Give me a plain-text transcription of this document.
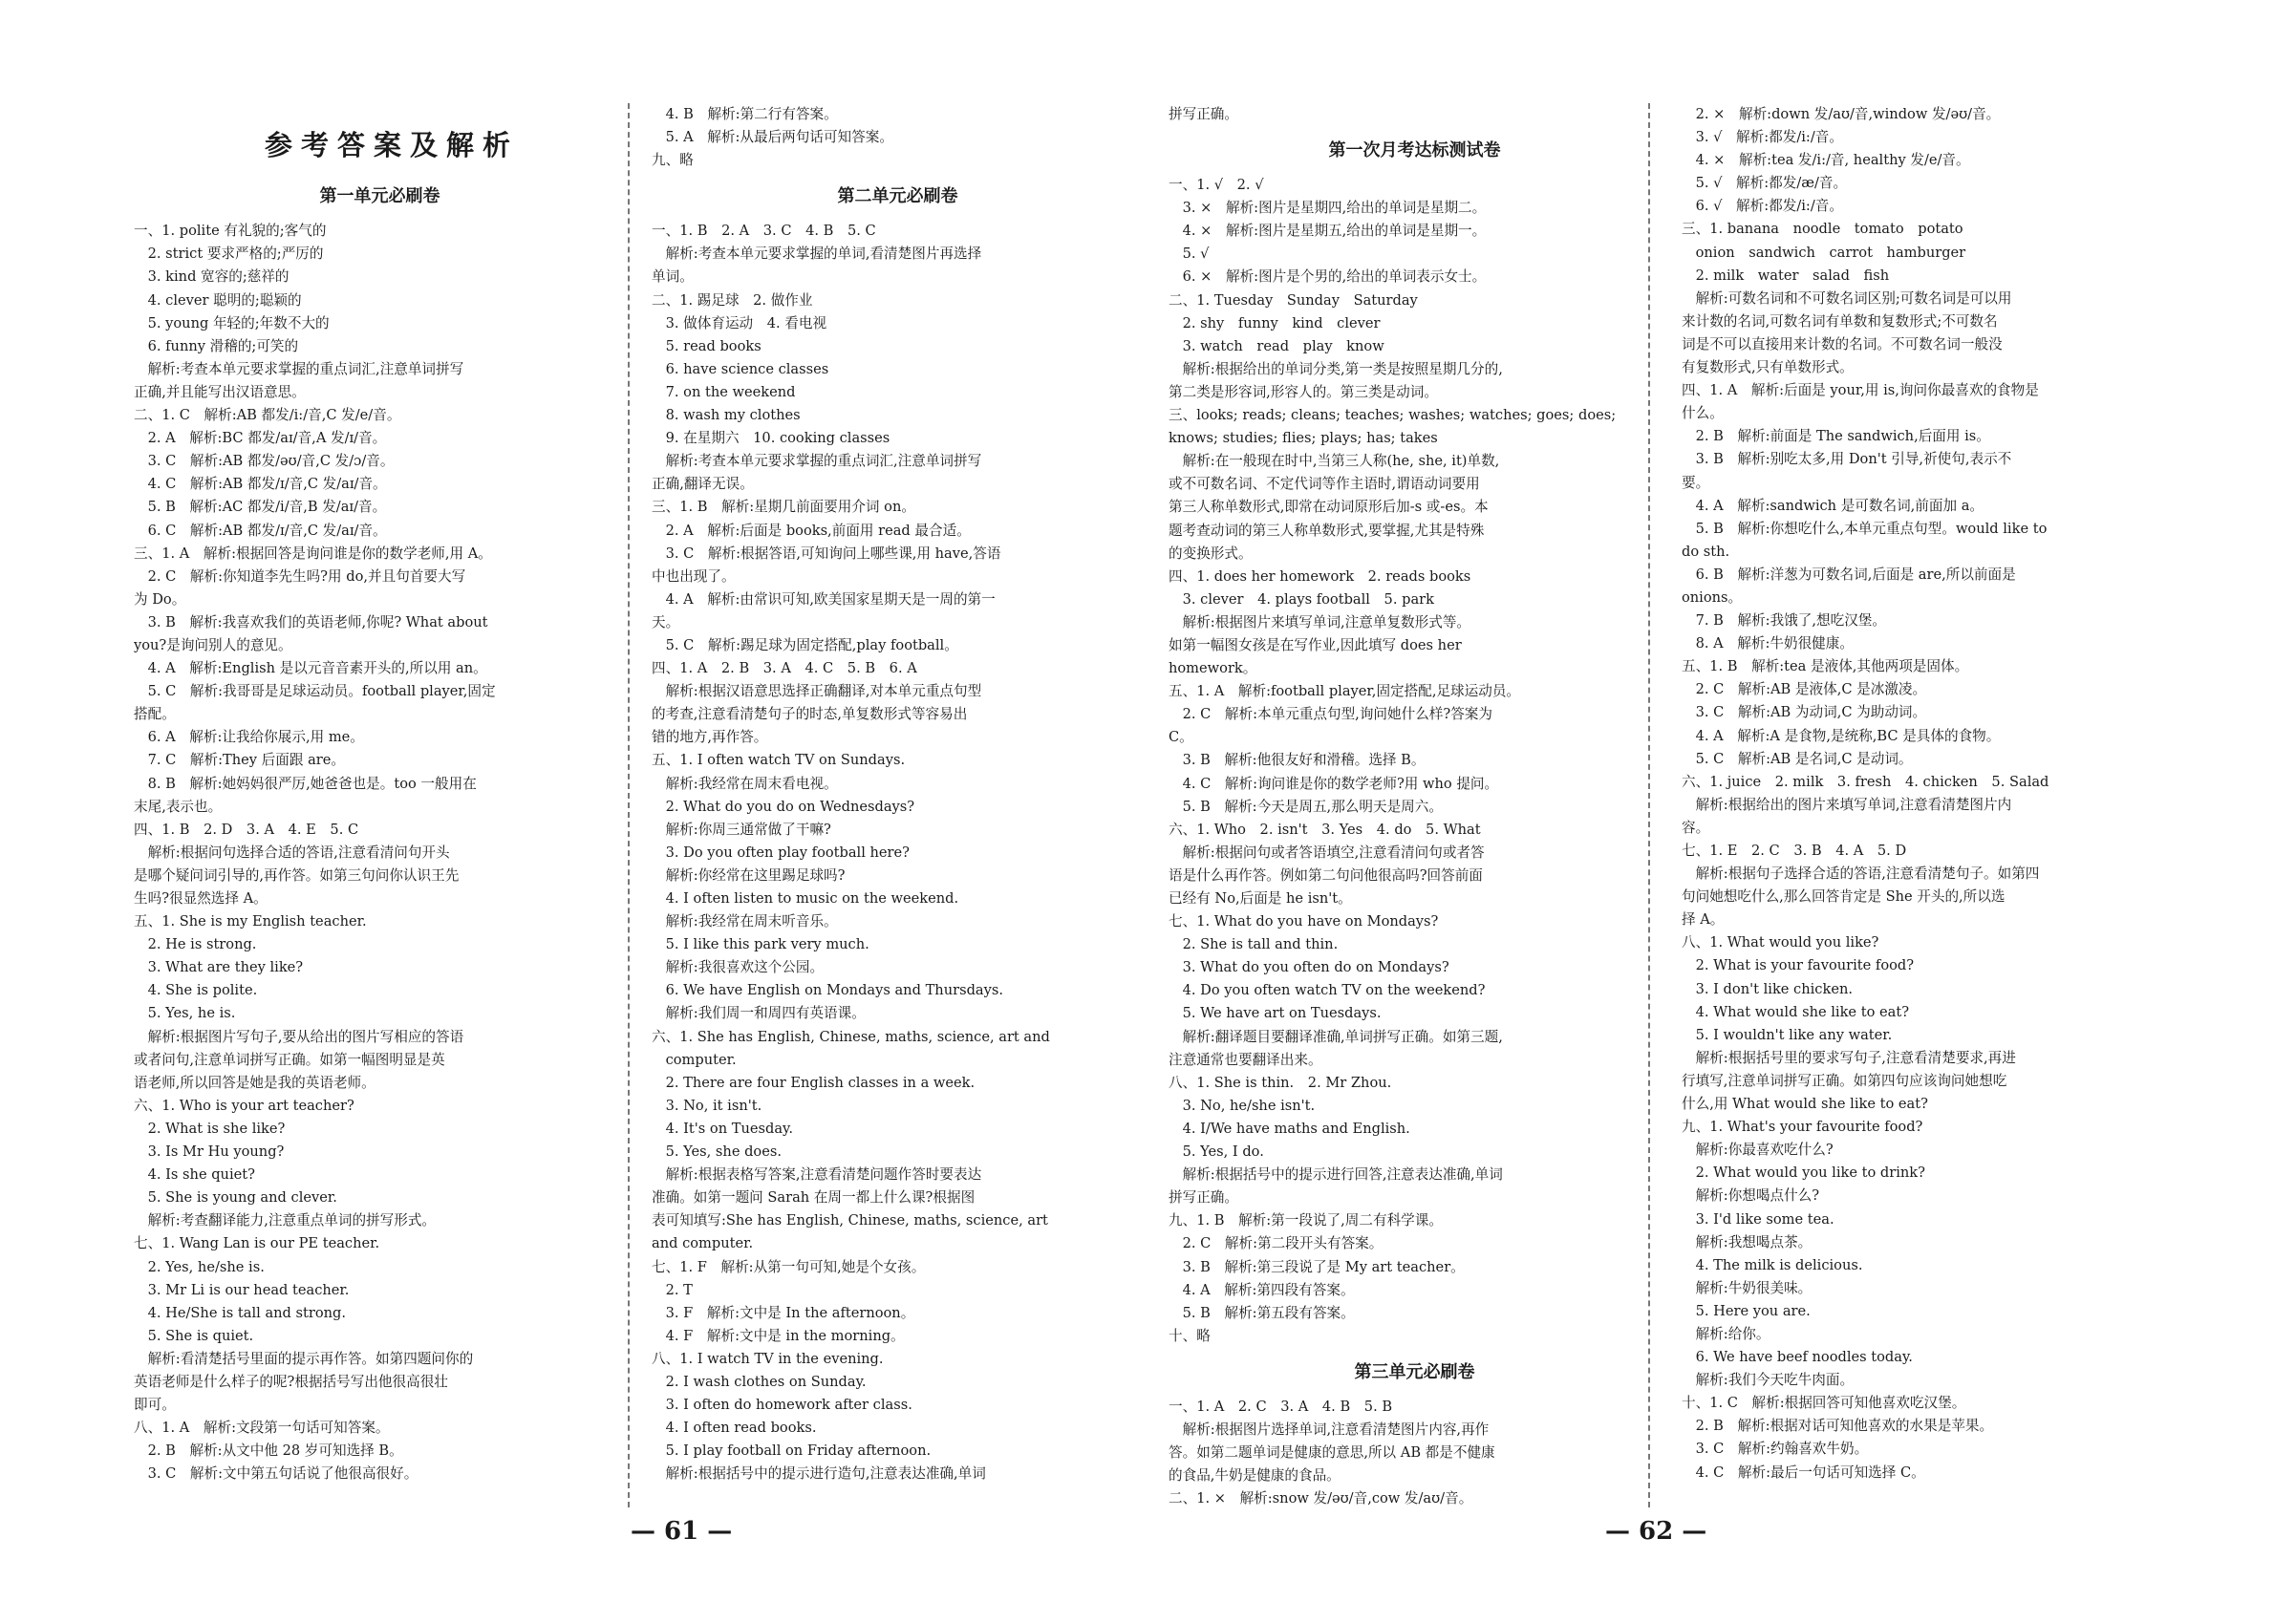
参考答案及解析

第一单元必刷卷
一、1. polite 有礼貌的;客气的
　2. strict 要求严格的;严厉的
　3. kind 宽容的;慈祥的
　4. clever 聪明的;聪颖的
　5. young 年轻的;年数不大的
　6. funny 滑稽的;可笑的
　解析:考查本单元要求掌握的重点词汇,注意单词拼写
正确,并且能写出汉语意思。
二、1. C　解析:AB 都发/i:/音,C 发/e/音。
　2. A　解析:BC 都发/aɪ/音,A 发/ɪ/音。
　3. C　解析:AB 都发/əʊ/音,C 发/ɔ/音。
　4. C　解析:AB 都发/ɪ/音,C 发/aɪ/音。
　5. B　解析:AC 都发/i/音,B 发/aɪ/音。
　6. C　解析:AB 都发/ɪ/音,C 发/aɪ/音。
三、1. A　解析:根据回答是询问谁是你的数学老师,用 A。
　2. C　解析:你知道李先生吗?用 do,并且句首要大写
为 Do。
　3. B　解析:我喜欢我们的英语老师,你呢? What about
you?是询问别人的意见。
　4. A　解析:English 是以元音音素开头的,所以用 an。
　5. C　解析:我哥哥是足球运动员。football player,固定
搭配。
　6. A　解析:让我给你展示,用 me。
　7. C　解析:They 后面跟 are。
　8. B　解析:她妈妈很严厉,她爸爸也是。too 一般用在
末尾,表示也。
四、1. B　2. D　3. A　4. E　5. C
　解析:根据问句选择合适的答语,注意看清问句开头
是哪个疑问词引导的,再作答。如第三句问你认识王先
生吗?很显然选择 A。
五、1. She is my English teacher.
　2. He is strong.
　3. What are they like?
　4. She is polite.
　5. Yes, he is.
　解析:根据图片写句子,要从给出的图片写相应的答语
或者问句,注意单词拼写正确。如第一幅图明显是英
语老师,所以回答是她是我的英语老师。
六、1. Who is your art teacher?
　2. What is she like?
　3. Is Mr Hu young?
　4. Is she quiet?
　5. She is young and clever.
　解析:考查翻译能力,注意重点单词的拼写形式。
七、1. Wang Lan is our PE teacher.
　2. Yes, he/she is.
　3. Mr Li is our head teacher.
　4. He/She is tall and strong.
　5. She is quiet.
　解析:看清楚括号里面的提示再作答。如第四题问你的
英语老师是什么样子的呢?根据括号写出他很高很壮
即可。
八、1. A　解析:文段第一句话可知答案。
　2. B　解析:从文中他 28 岁可知选择 B。
　3. C　解析:文中第五句话说了他很高很好。
　4. B　解析:第二行有答案。
　5. A　解析:从最后两句话可知答案。
九、略
第二单元必刷卷
一、1. B　2. A　3. C　4. B　5. C
　解析:考查本单元要求掌握的单词,看清楚图片再选择
单词。
二、1. 踢足球　2. 做作业
　3. 做体育运动　4. 看电视
　5. read books
　6. have science classes
　7. on the weekend
　8. wash my clothes
　9. 在星期六　10. cooking classes
　解析:考查本单元要求掌握的重点词汇,注意单词拼写
正确,翻译无误。
三、1. B　解析:星期几前面要用介词 on。
　2. A　解析:后面是 books,前面用 read 最合适。
　3. C　解析:根据答语,可知询问上哪些课,用 have,答语
中也出现了。
　4. A　解析:由常识可知,欧美国家星期天是一周的第一
天。
　5. C　解析:踢足球为固定搭配,play football。
四、1. A　2. B　3. A　4. C　5. B　6. A
　解析:根据汉语意思选择正确翻译,对本单元重点句型
的考查,注意看清楚句子的时态,单复数形式等容易出
错的地方,再作答。
五、1. I often watch TV on Sundays.
　解析:我经常在周末看电视。
　2. What do you do on Wednesdays?
　解析:你周三通常做了干嘛?
　3. Do you often play football here?
　解析:你经常在这里踢足球吗?
　4. I often listen to music on the weekend.
　解析:我经常在周末听音乐。
　5. I like this park very much.
　解析:我很喜欢这个公园。
　6. We have English on Mondays and Thursdays.
　解析:我们周一和周四有英语课。
六、1. She has English, Chinese, maths, science, art and
　computer.
　2. There are four English classes in a week.
　3. No, it isn't.
　4. It's on Tuesday.
　5. Yes, she does.
　解析:根据表格写答案,注意看清楚问题作答时要表达
准确。如第一题问 Sarah 在周一都上什么课?根据图
表可知填写:She has English, Chinese, maths, science, art
and computer.
七、1. F　解析:从第一句可知,她是个女孩。
　2. T
　3. F　解析:文中是 In the afternoon。
　4. F　解析:文中是 in the morning。
八、1. I watch TV in the evening.
　2. I wash clothes on Sunday.
　3. I often do homework after class.
　4. I often read books.
　5. I play football on Friday afternoon.
　解析:根据括号中的提示进行造句,注意表达准确,单词
拼写正确。
第一次月考达标测试卷
一、1. √　2. √
　3. ×　解析:图片是星期四,给出的单词是星期二。
　4. ×　解析:图片是星期五,给出的单词是星期一。
　5. √
　6. ×　解析:图片是个男的,给出的单词表示女士。
二、1. Tuesday　Sunday　Saturday
　2. shy　funny　kind　clever
　3. watch　read　play　know
　解析:根据给出的单词分类,第一类是按照星期几分的,
第二类是形容词,形容人的。第三类是动词。
三、looks; reads; cleans; teaches; washes; watches; goes; does;
knows; studies; flies; plays; has; takes
　解析:在一般现在时中,当第三人称(he, she, it)单数,
或不可数名词、不定代词等作主语时,谓语动词要用
第三人称单数形式,即常在动词原形后加-s 或-es。本
题考查动词的第三人称单数形式,要掌握,尤其是特殊
的变换形式。
四、1. does her homework　2. reads books
　3. clever　4. plays football　5. park
　解析:根据图片来填写单词,注意单复数形式等。
如第一幅图女孩是在写作业,因此填写 does her
homework。
五、1. A　解析:football player,固定搭配,足球运动员。
　2. C　解析:本单元重点句型,询问她什么样?答案为
C。
　3. B　解析:他很友好和滑稽。选择 B。
　4. C　解析:询问谁是你的数学老师?用 who 提问。
　5. B　解析:今天是周五,那么明天是周六。
六、1. Who　2. isn't　3. Yes　4. do　5. What
　解析:根据问句或者答语填空,注意看清问句或者答
语是什么再作答。例如第二句问他很高吗?回答前面
已经有 No,后面是 he isn't。
七、1. What do you have on Mondays?
　2. She is tall and thin.
　3. What do you often do on Mondays?
　4. Do you often watch TV on the weekend?
　5. We have art on Tuesdays.
　解析:翻译题目要翻译准确,单词拼写正确。如第三题,
注意通常也要翻译出来。
八、1. She is thin.　2. Mr Zhou.
　3. No, he/she isn't.
　4. I/We have maths and English.
　5. Yes, I do.
　解析:根据括号中的提示进行回答,注意表达准确,单词
拼写正确。
九、1. B　解析:第一段说了,周二有科学课。
　2. C　解析:第二段开头有答案。
　3. B　解析:第三段说了是 My art teacher。
　4. A　解析:第四段有答案。
　5. B　解析:第五段有答案。
十、略
第三单元必刷卷
一、1. A　2. C　3. A　4. B　5. B
　解析:根据图片选择单词,注意看清楚图片内容,再作
答。如第二题单词是健康的意思,所以 AB 都是不健康
的食品,牛奶是健康的食品。
二、1. ×　解析:snow 发/əʊ/音,cow 发/aʊ/音。
　2. ×　解析:down 发/aʊ/音,window 发/əʊ/音。
　3. √　解析:都发/i:/音。
　4. ×　解析:tea 发/i:/音, healthy 发/e/音。
　5. √　解析:都发/æ/音。
　6. √　解析:都发/i:/音。
三、1. banana　noodle　tomato　potato
　onion　sandwich　carrot　hamburger
　2. milk　water　salad　fish
　解析:可数名词和不可数名词区别;可数名词是可以用
来计数的名词,可数名词有单数和复数形式;不可数名
词是不可以直接用来计数的名词。不可数名词一般没
有复数形式,只有单数形式。
四、1. A　解析:后面是 your,用 is,询问你最喜欢的食物是
什么。
　2. B　解析:前面是 The sandwich,后面用 is。
　3. B　解析:别吃太多,用 Don't 引导,祈使句,表示不
要。
　4. A　解析:sandwich 是可数名词,前面加 a。
　5. B　解析:你想吃什么,本单元重点句型。would like to
do sth.
　6. B　解析:洋葱为可数名词,后面是 are,所以前面是
onions。
　7. B　解析:我饿了,想吃汉堡。
　8. A　解析:牛奶很健康。
五、1. B　解析:tea 是液体,其他两项是固体。
　2. C　解析:AB 是液体,C 是冰激凌。
　3. C　解析:AB 为动词,C 为助动词。
　4. A　解析:A 是食物,是统称,BC 是具体的食物。
　5. C　解析:AB 是名词,C 是动词。
六、1. juice　2. milk　3. fresh　4. chicken　5. Salad
　解析:根据给出的图片来填写单词,注意看清楚图片内
容。
七、1. E　2. C　3. B　4. A　5. D
　解析:根据句子选择合适的答语,注意看清楚句子。如第四
句问她想吃什么,那么回答肯定是 She 开头的,所以选
择 A。
八、1. What would you like?
　2. What is your favourite food?
　3. I don't like chicken.
　4. What would she like to eat?
　5. I wouldn't like any water.
　解析:根据括号里的要求写句子,注意看清楚要求,再进
行填写,注意单词拼写正确。如第四句应该询问她想吃
什么,用 What would she like to eat?
九、1. What's your favourite food?
　解析:你最喜欢吃什么?
　2. What would you like to drink?
　解析:你想喝点什么?
　3. I'd like some tea.
　解析:我想喝点茶。
　4. The milk is delicious.
　解析:牛奶很美味。
　5. Here you are.
　解析:给你。
　6. We have beef noodles today.
　解析:我们今天吃牛肉面。
十、1. C　解析:根据回答可知他喜欢吃汉堡。
　2. B　解析:根据对话可知他喜欢的水果是苹果。
　3. C　解析:约翰喜欢牛奶。
　4. C　解析:最后一句话可知选择 C。
— 61 —	— 62 —
